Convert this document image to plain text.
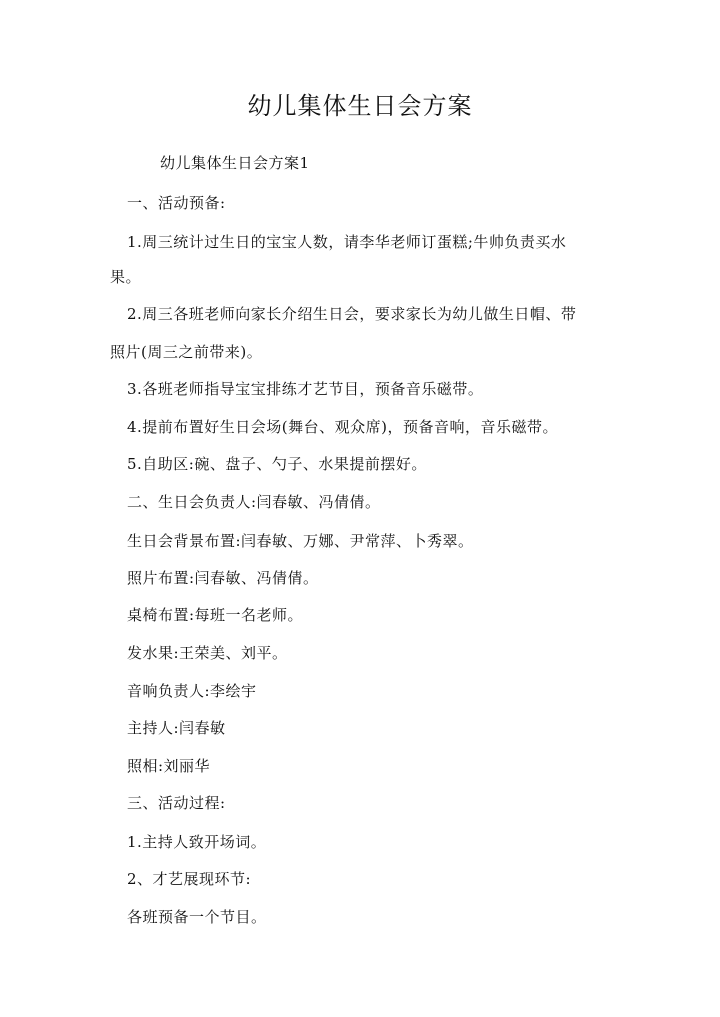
幼儿集体生日会方案
幼儿集体生日会方案1
一、活动预备:
1.周三统计过生日的宝宝人数，请李华老师订蛋糕;牛帅负责买水
果。
2.周三各班老师向家长介绍生日会，要求家长为幼儿做生日帽、带
照片(周三之前带来)。
3.各班老师指导宝宝排练才艺节目，预备音乐磁带。
4.提前布置好生日会场(舞台、观众席)，预备音响，音乐磁带。
5.自助区:碗、盘子、勺子、水果提前摆好。
二、生日会负责人:闫春敏、冯倩倩。
生日会背景布置:闫春敏、万娜、尹常萍、卜秀翠。
照片布置:闫春敏、冯倩倩。
桌椅布置:每班一名老师。
发水果:王荣美、刘平。
音响负责人:李绘宇
主持人:闫春敏
照相:刘丽华
三、活动过程:
1.主持人致开场词。
2、才艺展现环节:
各班预备一个节目。
